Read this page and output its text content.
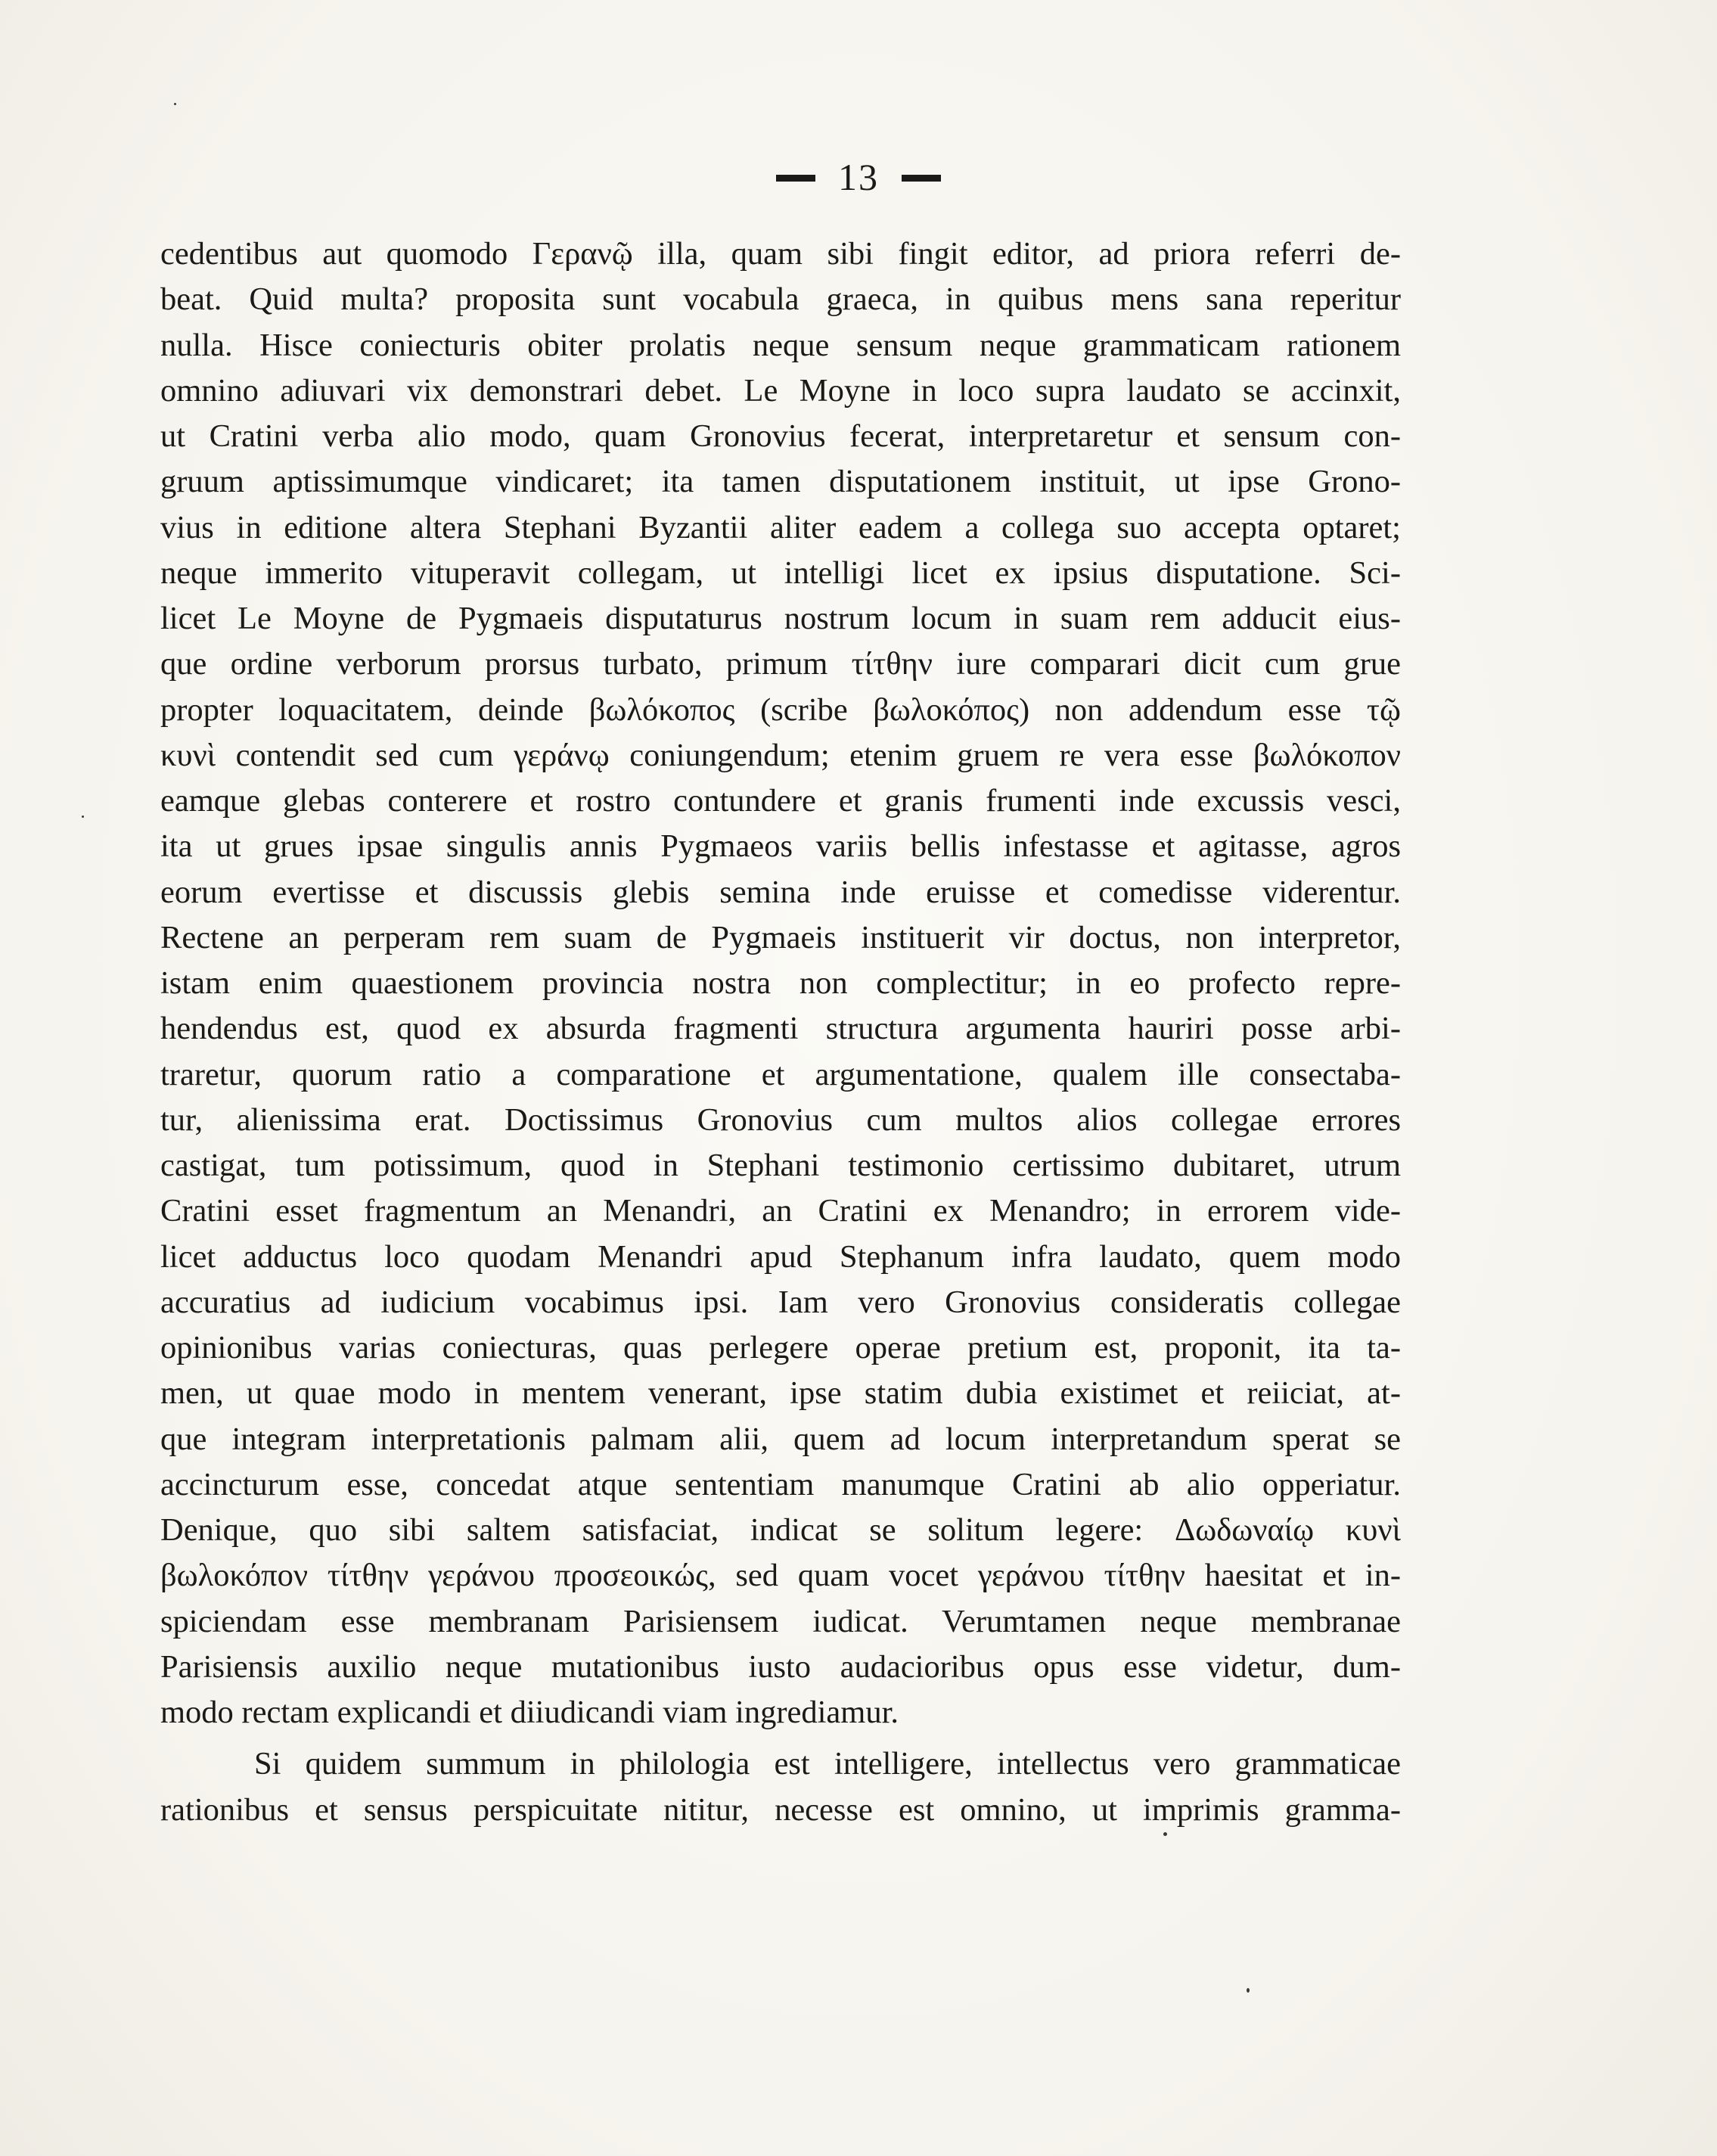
13
cedentibus aut quomodo Γερανῷ illa, quam sibi fingit editor, ad priora referri de-
beat. Quid multa? proposita sunt vocabula graeca, in quibus mens sana reperitur
nulla. Hisce coniecturis obiter prolatis neque sensum neque grammaticam rationem
omnino adiuvari vix demonstrari debet. Le Moyne in loco supra laudato se accinxit,
ut Cratini verba alio modo, quam Gronovius fecerat, interpretaretur et sensum con-
gruum aptissimumque vindicaret; ita tamen disputationem instituit, ut ipse Grono-
vius in editione altera Stephani Byzantii aliter eadem a collega suo accepta optaret;
neque immerito vituperavit collegam, ut intelligi licet ex ipsius disputatione. Sci-
licet Le Moyne de Pygmaeis disputaturus nostrum locum in suam rem adducit eius-
que ordine verborum prorsus turbato, primum τίτθην iure comparari dicit cum grue
propter loquacitatem, deinde βωλόκοπος (scribe βωλοκόπος) non addendum esse τῷ
κυνὶ contendit sed cum γεράνῳ coniungendum; etenim gruem re vera esse βωλόκοπον
eamque glebas conterere et rostro contundere et granis frumenti inde excussis vesci,
ita ut grues ipsae singulis annis Pygmaeos variis bellis infestasse et agitasse, agros
eorum evertisse et discussis glebis semina inde eruisse et comedisse viderentur.
Rectene an perperam rem suam de Pygmaeis instituerit vir doctus, non interpretor,
istam enim quaestionem provincia nostra non complectitur; in eo profecto repre-
hendendus est, quod ex absurda fragmenti structura argumenta hauriri posse arbi-
traretur, quorum ratio a comparatione et argumentatione, qualem ille consectaba-
tur, alienissima erat. Doctissimus Gronovius cum multos alios collegae errores
castigat, tum potissimum, quod in Stephani testimonio certissimo dubitaret, utrum
Cratini esset fragmentum an Menandri, an Cratini ex Menandro; in errorem vide-
licet adductus loco quodam Menandri apud Stephanum infra laudato, quem modo
accuratius ad iudicium vocabimus ipsi. Iam vero Gronovius consideratis collegae
opinionibus varias coniecturas, quas perlegere operae pretium est, proponit, ita ta-
men, ut quae modo in mentem venerant, ipse statim dubia existimet et reiiciat, at-
que integram interpretationis palmam alii, quem ad locum interpretandum sperat se
accincturum esse, concedat atque sententiam manumque Cratini ab alio opperiatur.
Denique, quo sibi saltem satisfaciat, indicat se solitum legere: Δωδωναίῳ κυνὶ
βωλοκόπον τίτθην γεράνου προσεοικώς, sed quam vocet γεράνου τίτθην haesitat et in-
spiciendam esse membranam Parisiensem iudicat. Verumtamen neque membranae
Parisiensis auxilio neque mutationibus iusto audacioribus opus esse videtur, dum-
modo rectam explicandi et diiudicandi viam ingrediamur.
Si quidem summum in philologia est intelligere, intellectus vero grammaticae
rationibus et sensus perspicuitate nititur, necesse est omnino, ut imprimis gramma-
